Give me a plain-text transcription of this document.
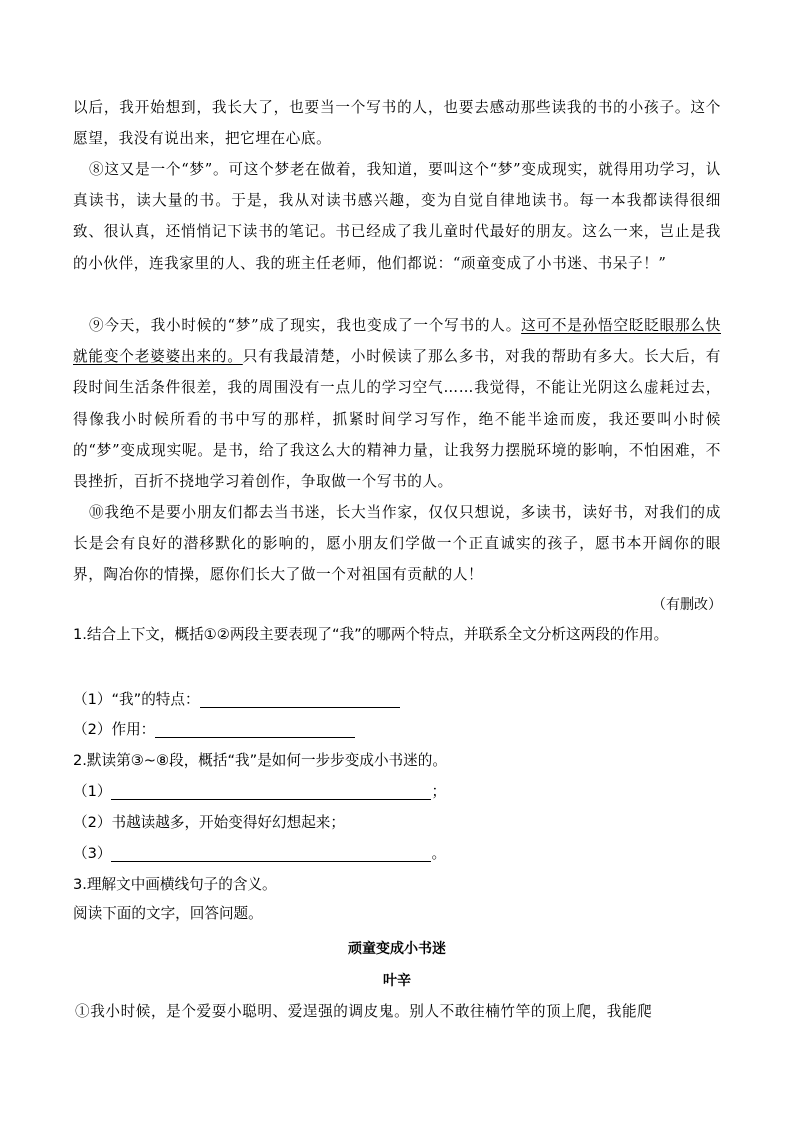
以后，我开始想到，我长大了，也要当一个写书的人，也要去感动那些读我的书的小孩子。这个愿望，我没有说出来，把它埋在心底。

⑧这又是一个“梦”。可这个梦老在做着，我知道，要叫这个“梦”变成现实，就得用功学习，认真读书，读大量的书。于是，我从对读书感兴趣，变为自觉自律地读书。每一本我都读得很细致、很认真，还悄悄记下读书的笔记。书已经成了我儿童时代最好的朋友。这么一来，岂止是我的小伙伴，连我家里的人、我的班主任老师，他们都说：“顽童变成了小书迷、书呆子！”

⑨今天，我小时候的“梦”成了现实，我也变成了一个写书的人。这可不是孙悟空眨眨眼那么快就能变个老婆婆出来的。只有我最清楚，小时候读了那么多书，对我的帮助有多大。长大后，有段时间生活条件很差，我的周围没有一点儿的学习空气……我觉得，不能让光阴这么虚耗过去，得像我小时候所看的书中写的那样，抓紧时间学习写作，绝不能半途而废，我还要叫小时候的“梦”变成现实呢。是书，给了我这么大的精神力量，让我努力摆脱环境的影响，不怕困难，不畏挫折，百折不挠地学习着创作，争取做一个写书的人。

⑩我绝不是要小朋友们都去当书迷，长大当作家，仅仅只想说，多读书，读好书，对我们的成长是会有良好的潜移默化的影响的，愿小朋友们学做一个正直诚实的孩子，愿书本开阔你的眼界，陶冶你的情操，愿你们长大了做一个对祖国有贡献的人！

（有删改）

1.结合上下文，概括①②两段主要表现了“我”的哪两个特点，并联系全文分析这两段的作用。

（1）“我”的特点：
（2）作用：

2.默读第③~⑧段，概括“我”是如何一步步变成小书迷的。

（1）	；

（2）书越读越多，开始变得好幻想起来；

（3）	。

3.理解文中画横线句子的含义。

阅读下面的文字，回答问题。

顽童变成小书迷
叶辛

①我小时候，是个爱耍小聪明、爱逞强的调皮鬼。别人不敢往楠竹竿的顶上爬，我能爬
